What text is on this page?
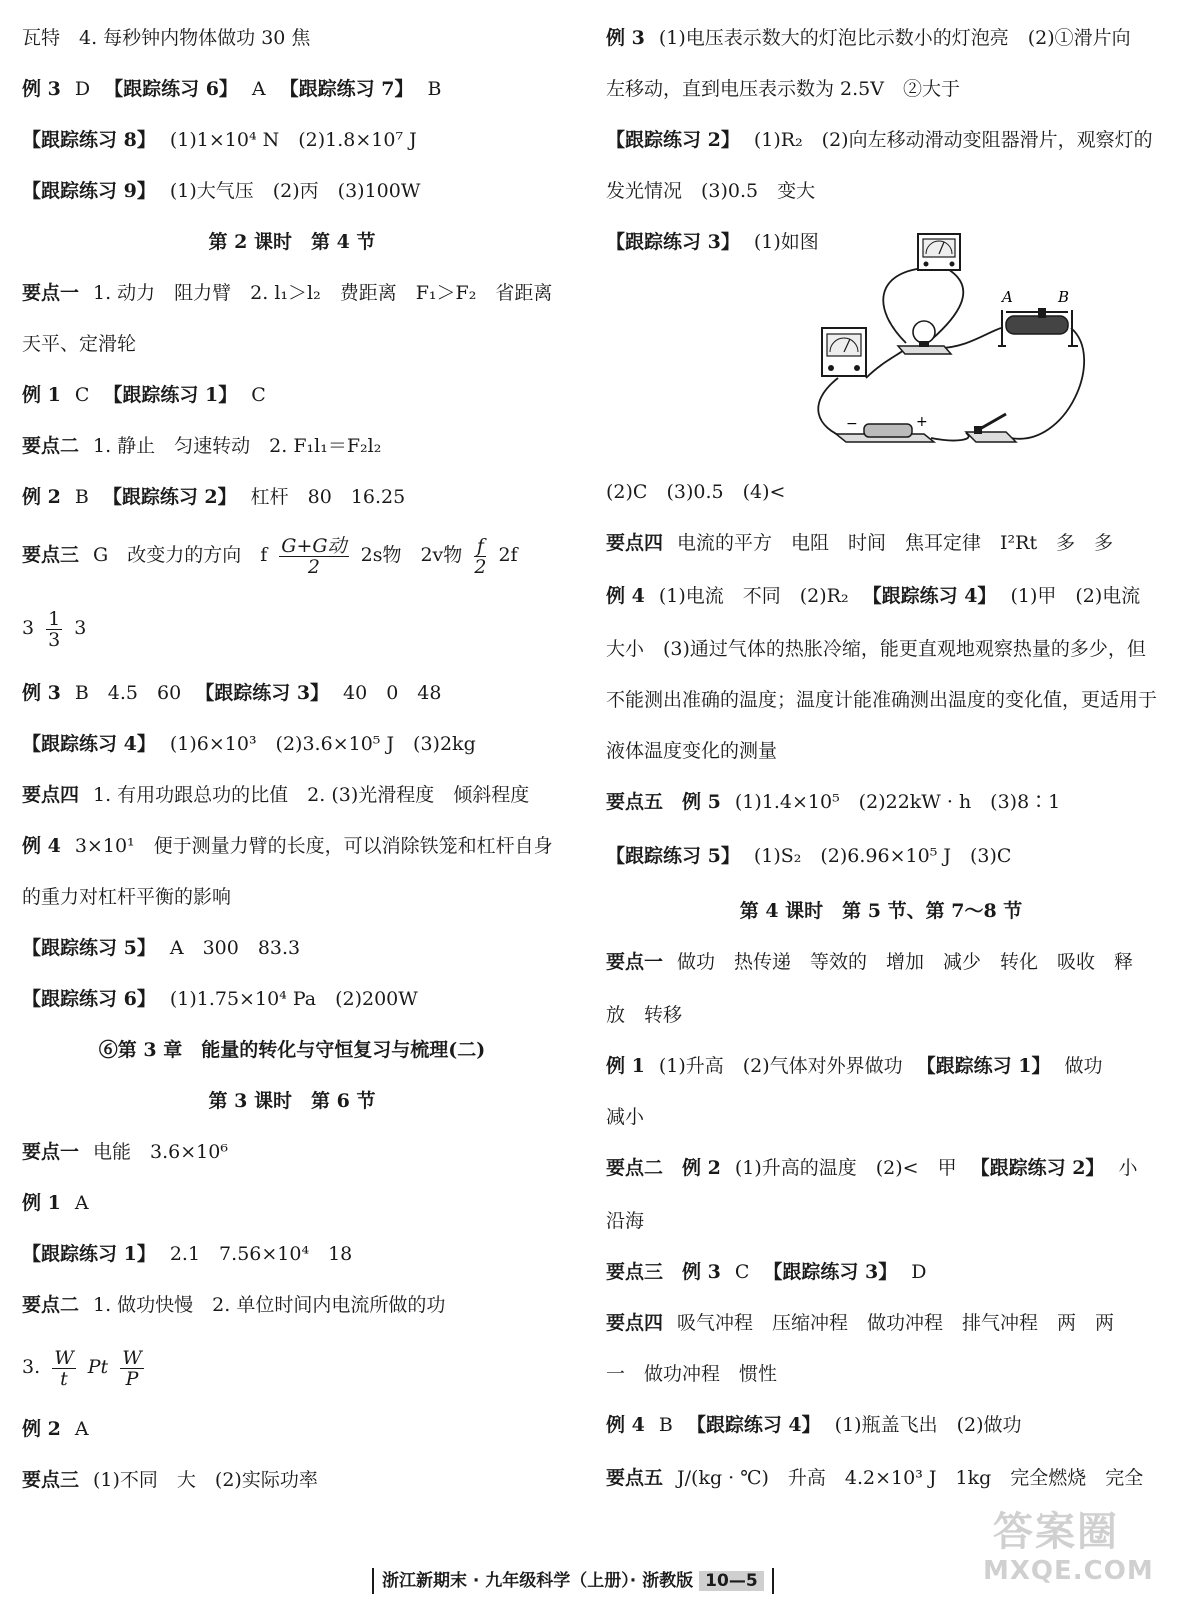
瓦特　4. 每秒钟内物体做功 30 焦
例 3 D 【跟踪练习 6】 A 【跟踪练习 7】 B
【跟踪练习 8】 (1)1×10⁴ N　(2)1.8×10⁷ J
【跟踪练习 9】 (1)大气压　(2)丙　(3)100W
第 2 课时　第 4 节
要点一 1. 动力　阻力臂　2. l₁＞l₂　费距离　F₁＞F₂　省距离
天平、定滑轮
例 1 C 【跟踪练习 1】 C
要点二 1. 静止　匀速转动　2. F₁l₁＝F₂l₂
例 2 B 【跟踪练习 2】 杠杆　80　16.25
要点三 G　改变力的方向　f $\frac{\text{G+G动}}{2} 2s$物　2v物 $\frac{f}{2} 2f$
$3 \frac{1}{3} 3$
例 3 B　4.5　60 【跟踪练习 3】 40　0　48
【跟踪练习 4】 (1)6×10³　(2)3.6×10⁵ J　(3)2kg
要点四 1. 有用功跟总功的比值　2. (3)光滑程度　倾斜程度
例 4 3×10¹　便于测量力臂的长度，可以消除铁笼和杠杆自身
的重力对杠杆平衡的影响
【跟踪练习 5】 A　300　83.3
【跟踪练习 6】 (1)1.75×10⁴ Pa　(2)200W
⑥第 3 章　能量的转化与守恒复习与梳理(二)
第 3 课时　第 6 节
要点一 电能　3.6×10⁶
例 1 A
【跟踪练习 1】 2.1　7.56×10⁴　18
要点二 1. 做功快慢　2. 单位时间内电流所做的功
3. $\frac{W}{t}$ Pt $\frac{W}{P}$
例 2 A
要点三 (1)不同　大　(2)实际功率
例 3 (1)电压表示数大的灯泡比示数小的灯泡亮　(2)①滑片向
左移动，直到电压表示数为 2.5V　②大于
【跟踪练习 2】 (1)R₂　(2)向左移动滑动变阻器滑片，观察灯的
发光情况　(3)0.5　变大
【跟踪练习 3】 (1)如图
(2)C　(3)0.5　(4)<
要点四 电流的平方　电阻　时间　焦耳定律　I²Rt　多　多
例 4 (1)电流　不同　(2)R₂ 【跟踪练习 4】 (1)甲　(2)电流
大小　(3)通过气体的热胀冷缩，能更直观地观察热量的多少，但
不能测出准确的温度；温度计能准确测出温度的变化值，更适用于
液体温度变化的测量
要点五　例 5 (1)1.4×10⁵　(2)22kW · h　(3)8∶1
【跟踪练习 5】 (1)S₂　(2)6.96×10⁵ J　(3)C
第 4 课时　第 5 节、第 7～8 节
要点一 做功　热传递　等效的　增加　减少　转化　吸收　释
放　转移
例 1 (1)升高　(2)气体对外界做功 【跟踪练习 1】 做功
减小
要点二　例 2 (1)升高的温度　(2)<　甲 【跟踪练习 2】 小
沿海
要点三　例 3 C 【跟踪练习 3】 D
要点四 吸气冲程　压缩冲程　做功冲程　排气冲程　两　两
一　做功冲程　惯性
例 4 B 【跟踪练习 4】 (1)瓶盖飞出　(2)做功
要点五 J/(kg · ℃)　升高　4.2×10³ J　1kg　完全燃烧　完全
A	B
−	+
浙江新期末 · 九年级科学（上册）· 浙教版 10—5
答案圈
MXQE.COM
